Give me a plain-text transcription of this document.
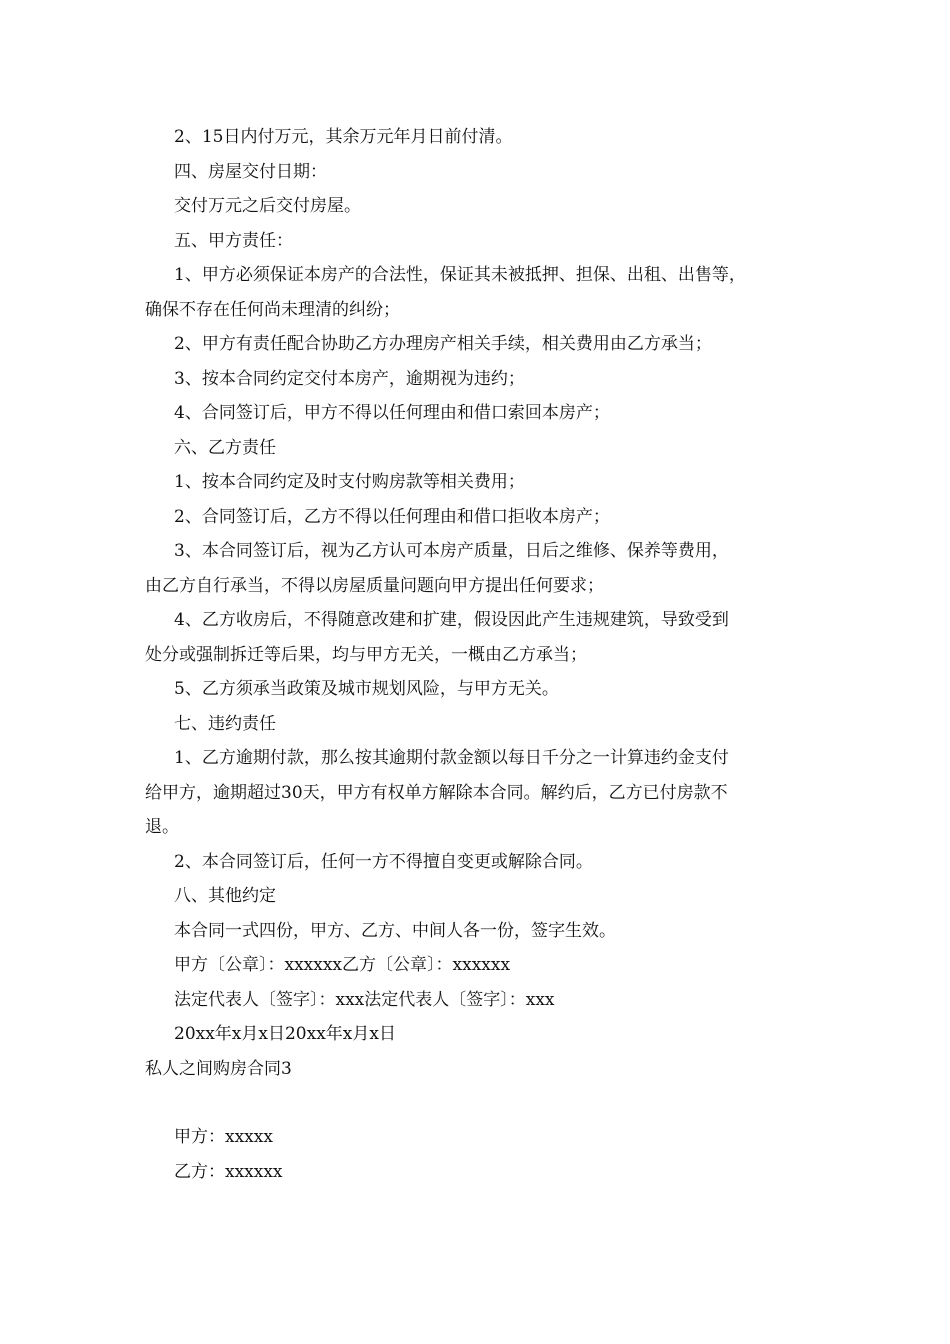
2、15日内付万元，其余万元年月日前付清。
四、房屋交付日期：
交付万元之后交付房屋。
五、甲方责任：
1、甲方必须保证本房产的合法性，保证其未被抵押、担保、出租、出售等，
确保不存在任何尚未理清的纠纷；
2、甲方有责任配合协助乙方办理房产相关手续，相关费用由乙方承当；
3、按本合同约定交付本房产，逾期视为违约；
4、合同签订后，甲方不得以任何理由和借口索回本房产；
六、乙方责任
1、按本合同约定及时支付购房款等相关费用；
2、合同签订后，乙方不得以任何理由和借口拒收本房产；
3、本合同签订后，视为乙方认可本房产质量，日后之维修、保养等费用，
由乙方自行承当，不得以房屋质量问题向甲方提出任何要求；
4、乙方收房后，不得随意改建和扩建，假设因此产生违规建筑，导致受到
处分或强制拆迁等后果，均与甲方无关，一概由乙方承当；
5、乙方须承当政策及城市规划风险，与甲方无关。
七、违约责任
1、乙方逾期付款，那么按其逾期付款金额以每日千分之一计算违约金支付
给甲方，逾期超过30天，甲方有权单方解除本合同。解约后，乙方已付房款不
退。
2、本合同签订后，任何一方不得擅自变更或解除合同。
八、其他约定
本合同一式四份，甲方、乙方、中间人各一份，签字生效。
甲方〔公章〕：xxxxxx乙方〔公章〕：xxxxxx
法定代表人〔签字〕：xxx法定代表人〔签字〕：xxx
20xx年x月x日20xx年x月x日
私人之间购房合同3
甲方：xxxxx
乙方：xxxxxx
